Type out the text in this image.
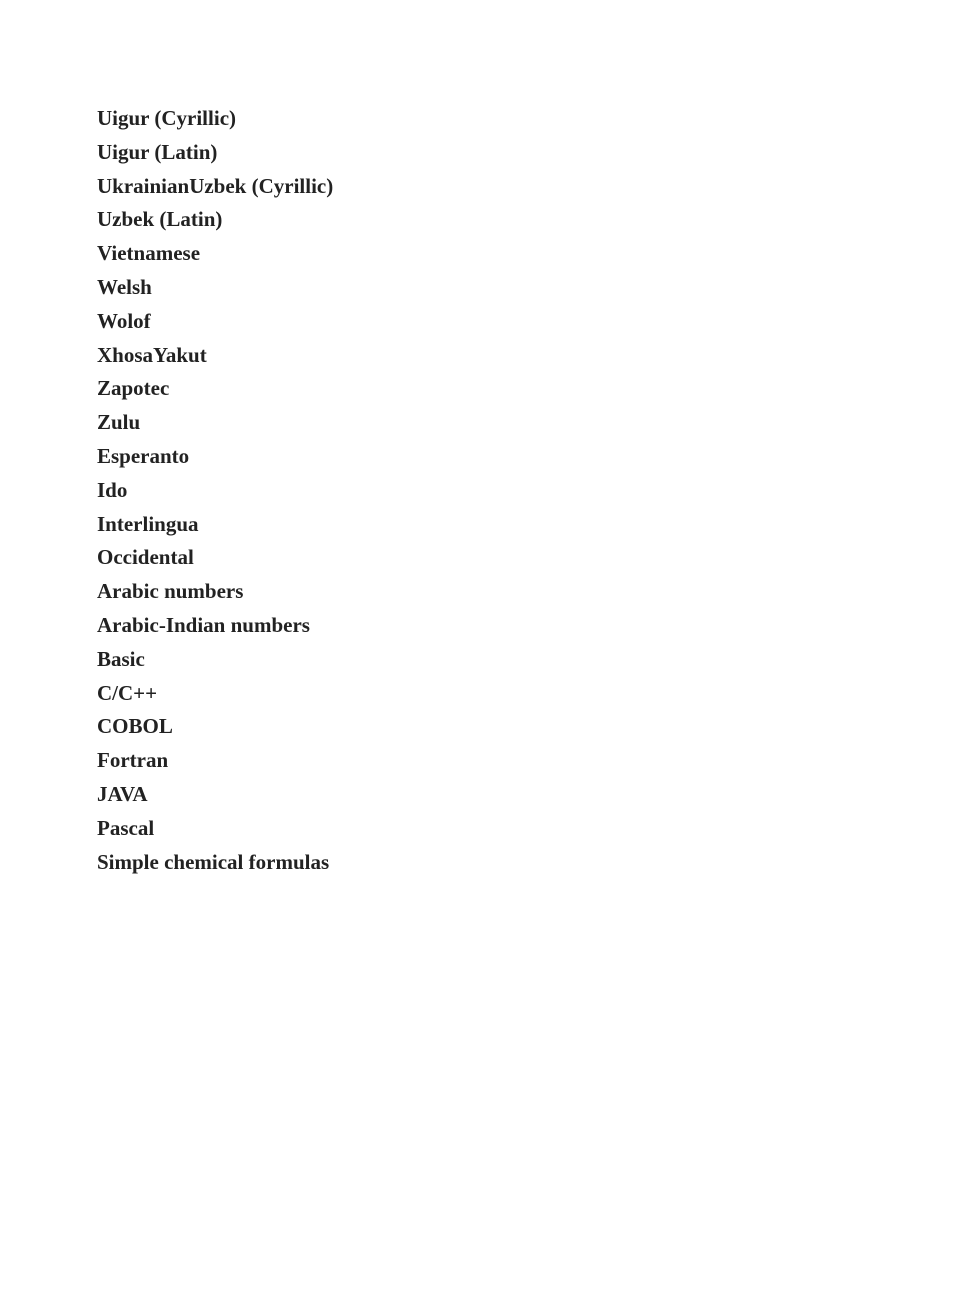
Uigur (Cyrillic)
Uigur (Latin)
UkrainianUzbek (Cyrillic)
Uzbek (Latin)
Vietnamese
Welsh
Wolof
XhosaYakut
Zapotec
Zulu
Esperanto
Ido
Interlingua
Occidental
Arabic numbers
Arabic-Indian numbers
Basic
C/C++
COBOL
Fortran
JAVA
Pascal
Simple chemical formulas
